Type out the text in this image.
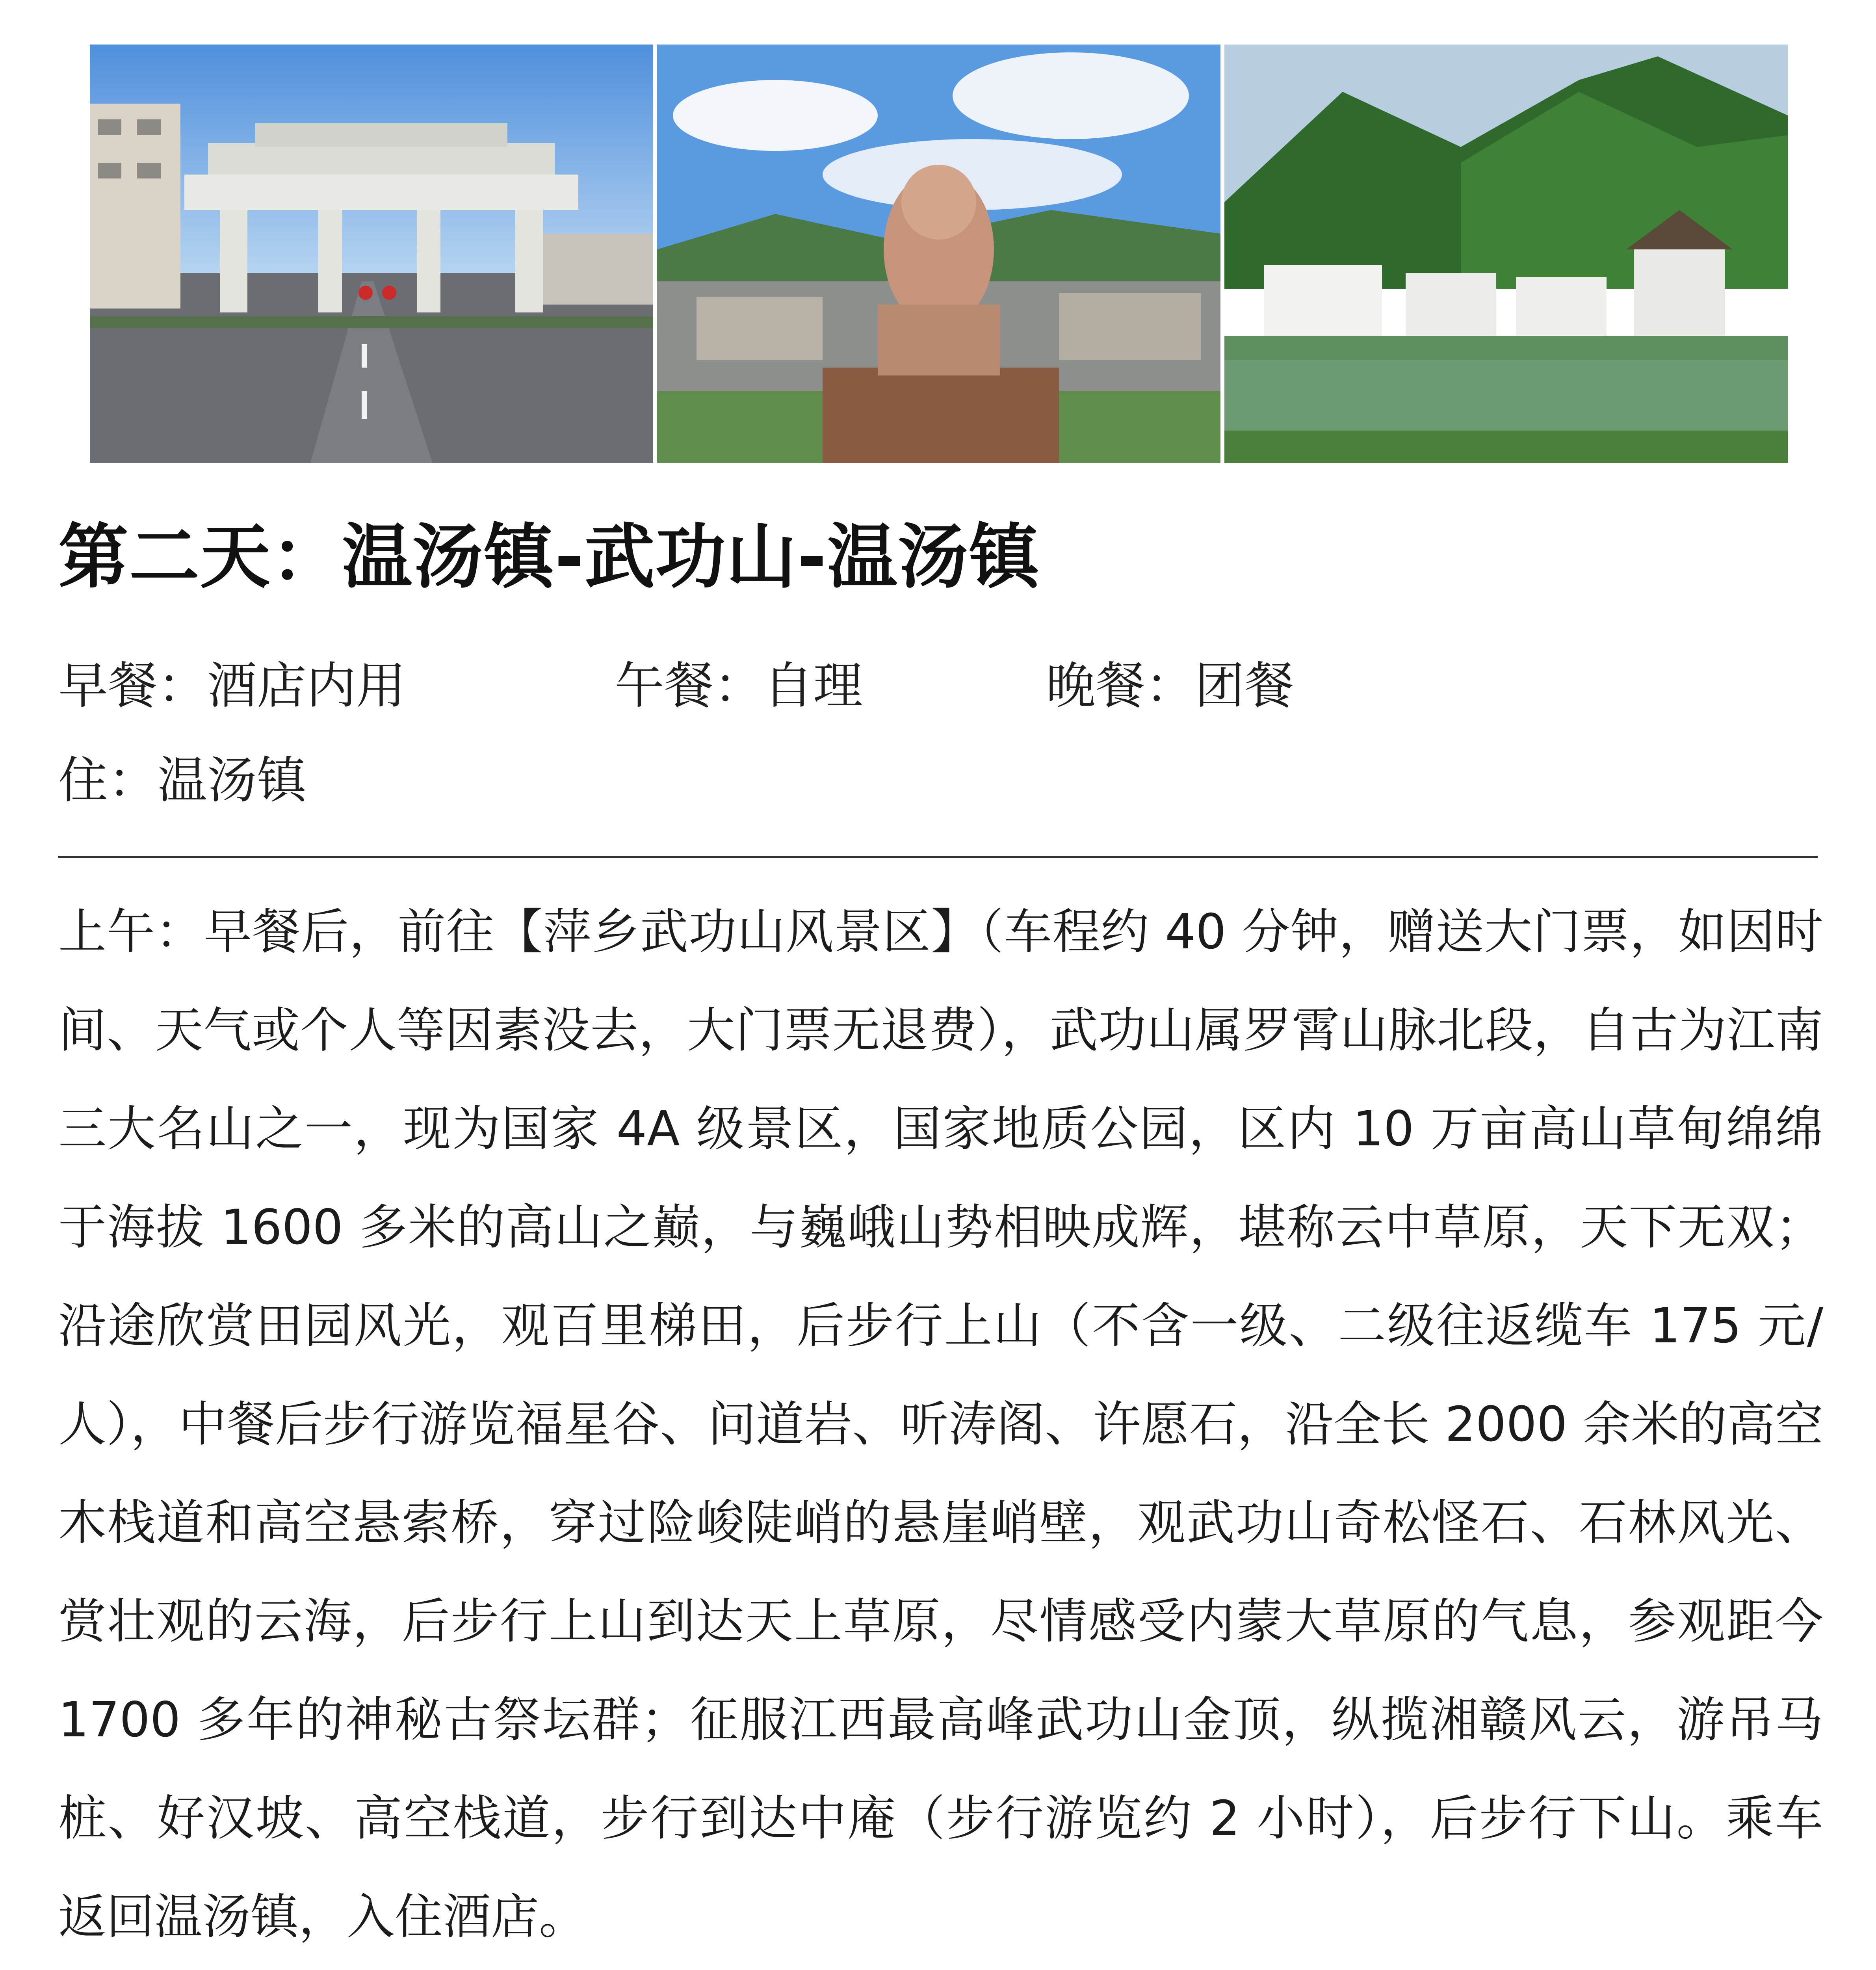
第二天：温汤镇-武功山-温汤镇
早餐：酒店内用	午餐：自理	晚餐：团餐
住：温汤镇

上午：早餐后，前往【萍乡武功山风景区】（车程约 40 分钟，赠送大门票，如因时间、天气或个人等因素没去，大门票无退费），武功山属罗霄山脉北段，自古为江南三大名山之一，现为国家 4A 级景区，国家地质公园，区内 10 万亩高山草甸绵绵于海拔 1600 多米的高山之巅，与巍峨山势相映成辉，堪称云中草原，天下无双；沿途欣赏田园风光，观百里梯田，后步行上山（不含一级、二级往返缆车 175 元/人），中餐后步行游览福星谷、问道岩、听涛阁、许愿石，沿全长 2000 余米的高空木栈道和高空悬索桥，穿过险峻陡峭的悬崖峭壁，观武功山奇松怪石、石林风光、赏壮观的云海，后步行上山到达天上草原，尽情感受内蒙大草原的气息，参观距今 1700 多年的神秘古祭坛群；征服江西最高峰武功山金顶，纵揽湘赣风云，游吊马桩、好汉坡、高空栈道，步行到达中庵（步行游览约 2 小时），后步行下山。乘车返回温汤镇，入住酒店。
